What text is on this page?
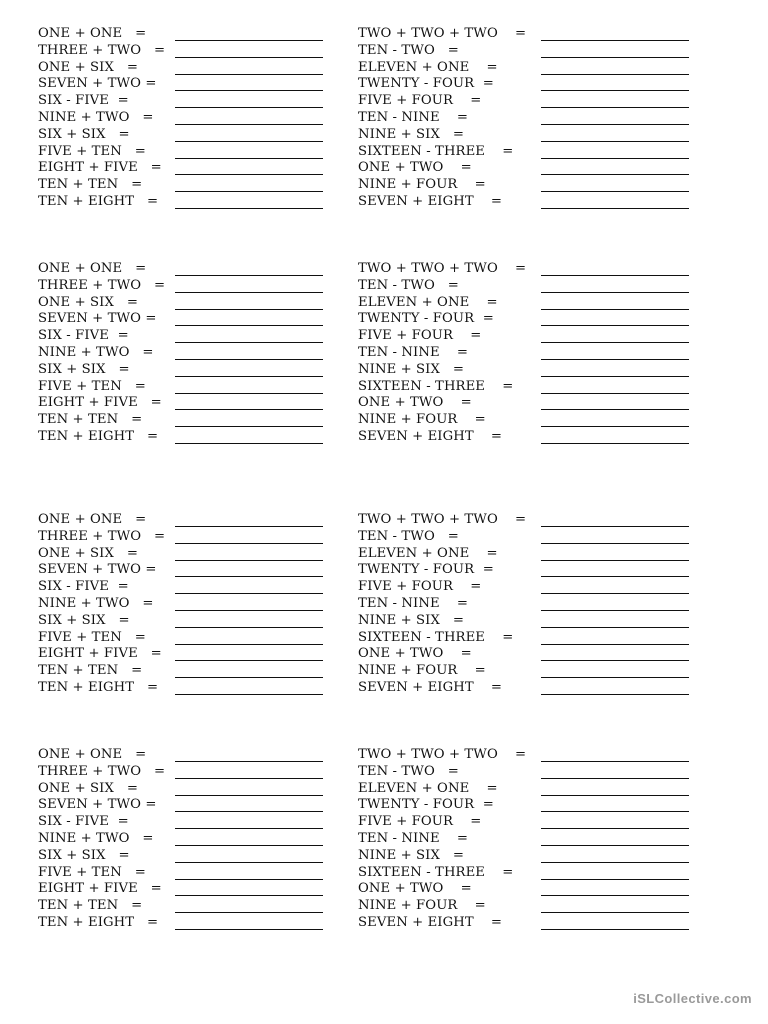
ONE + ONE   =
THREE + TWO   =
ONE + SIX   =
SEVEN + TWO =
SIX - FIVE  =
NINE + TWO   =
SIX + SIX   =
FIVE + TEN   =
EIGHT + FIVE   =
TEN + TEN   =
TEN + EIGHT   =
TWO + TWO + TWO    =
TEN - TWO   =
ELEVEN + ONE    =
TWENTY - FOUR  =
FIVE + FOUR    =
TEN - NINE    =
NINE + SIX   =
SIXTEEN - THREE    =
ONE + TWO    =
NINE + FOUR    =
SEVEN + EIGHT    =
ONE + ONE   =
THREE + TWO   =
ONE + SIX   =
SEVEN + TWO =
SIX - FIVE  =
NINE + TWO   =
SIX + SIX   =
FIVE + TEN   =
EIGHT + FIVE   =
TEN + TEN   =
TEN + EIGHT   =
TWO + TWO + TWO    =
TEN - TWO   =
ELEVEN + ONE    =
TWENTY - FOUR  =
FIVE + FOUR    =
TEN - NINE    =
NINE + SIX   =
SIXTEEN - THREE    =
ONE + TWO    =
NINE + FOUR    =
SEVEN + EIGHT    =
ONE + ONE   =
THREE + TWO   =
ONE + SIX   =
SEVEN + TWO =
SIX - FIVE  =
NINE + TWO   =
SIX + SIX   =
FIVE + TEN   =
EIGHT + FIVE   =
TEN + TEN   =
TEN + EIGHT   =
TWO + TWO + TWO    =
TEN - TWO   =
ELEVEN + ONE    =
TWENTY - FOUR  =
FIVE + FOUR    =
TEN - NINE    =
NINE + SIX   =
SIXTEEN - THREE    =
ONE + TWO    =
NINE + FOUR    =
SEVEN + EIGHT    =
ONE + ONE   =
THREE + TWO   =
ONE + SIX   =
SEVEN + TWO =
SIX - FIVE  =
NINE + TWO   =
SIX + SIX   =
FIVE + TEN   =
EIGHT + FIVE   =
TEN + TEN   =
TEN + EIGHT   =
TWO + TWO + TWO    =
TEN - TWO   =
ELEVEN + ONE    =
TWENTY - FOUR  =
FIVE + FOUR    =
TEN - NINE    =
NINE + SIX   =
SIXTEEN - THREE    =
ONE + TWO    =
NINE + FOUR    =
SEVEN + EIGHT    =
iSLCollective.com
